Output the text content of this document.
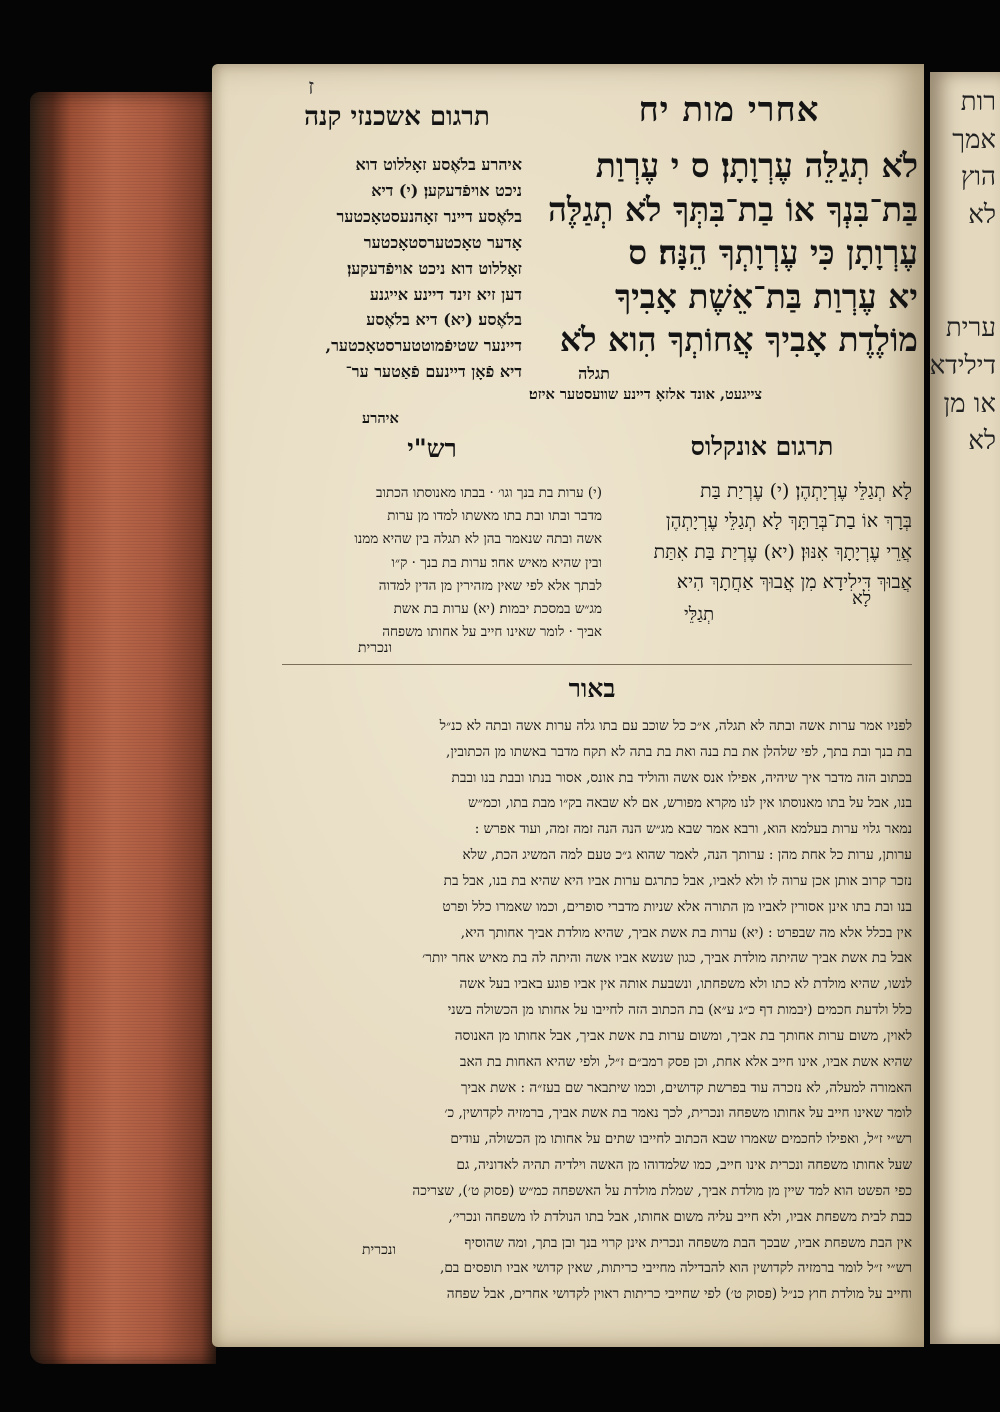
רות
אמך
הוץ
לא

ערית
דילידא
או מן
לא
ז
אחרי מות יח
תרגום אשכנזי קנה
לֹא תְגַלֵּה עֶרְוָתָן׃ ס י עֶרְוַת
בַּת־בִּנְךָ אוֹ בַת־בִּתְּךָ לֹא תְגַלֶּה
עֶרְוָתָן כִּי עֶרְוָתְךָ הֵנָּה׃ ס
יא עֶרְוַת בַּת־אֵשֶׁת אָבִיךָ
מוֹלֶדֶת אָבִיךָ אֲחוֹתְךָ הִוא לֹא
תגלה
איהרע בלֹאֶסע זאָללוט דוא
ניכט אויפֿדעקען׃ (י) דיא
בלֹאֶסע דיינר זאָהנעסטאָכטער
אָדער טאָכטערסטאָכטער
זאָללוט דוא ניכט אויפֿדעקען׃
דען זיא זינד דיינע אייגנע
בלֹאֶסע׃ (יא) דיא בלֹאֶסע
דיינער שטיפֿמוטטערסטאָכטער,
דיא פֿאָן דיינעם פֿאַטער ער־
צייגעט, אונד אלזאָ דיינע שוועסטער איזט׃
איהרע
תרגום אונקלוס
רש"י
לָא תְגַלֵּי עֶרְיָתְהֶן׃ (י) עֶרְיַת בַּת
בְּרָךְ אוֹ בַת־בְּרַתָּךְ לָא תְגַלֵּי עֶרְיָתְהֶן
אֲרֵי עֶרְיָתָךְ אִנּוּן׃ (יא) עֶרְיַת בַּת אִתַּת
אֲבוּךְ דִּילִידָא מִן אֲבוּךְ אַחֲתָךְ הִיא
לָא
תְגַלֵּי
(י) ערות בת בנך וגו׳ · בבתו מאנוסתו הכתוב
מדבר ובתו ובת בתו מאשתו למדו מן ערות
אשה ובתה שנאמר בהן לא תגלה בין שהיא ממנו
ובין שהיא מאיש אחר׃ ערות בת בנך · ק״ו
לבתך אלא לפי שאין מזהירין מן הדין למדוה
מג״ש במסכת יבמות׃ (יא) ערות בת אשת
אביך · לומר שאינו חייב על אחותו משפחה
ונכרית
באור
לפניו אמר ערות אשה ובתה לא תגלה, א״כ כל שוכב עם בתו גלה ערות אשה ובתה לא כנ״ל
בת בנך ובת בתך, לפי שלהלן את בת בנה ואת בת בתה לא תקח מדבר באשתו מן הכתובין,
בכתוב הזה מדבר איך שיהיה, אפילו אנס אשה והוליד בת אונס, אסור בנתו ובבת בנו ובבת
בנו, אבל על בתו מאנוסתו אין לנו מקרא מפורש, אם לא שבאה בק״ו מבת בתו, וכמ״ש
נמאר גלוי ערות בעלמא הוא, ורבא אמר שבא מג״ש הנה הנה זמה זמה, ועוד אפרש :
ערותן, ערות כל אחת מהן : ערותך הנה, לאמר שהוא ג״כ טעם למה המשיג הכת, שלא
נזכר קרוב אותן אכן ערוה לו ולא לאביו, אבל כתרגם ערות אביו היא שהיא בת בנו, אבל בת
בנו ובת בתו אינן אסורין לאביו מן התורה אלא שניות מדברי סופרים, וכמו שאמרו כלל ופרט
אין בכלל אלא מה שבפרט : (יא) ערות בת אשת אביך, שהיא מולדת אביך אחותך היא,
אבל בת אשת אביך שהיתה מולדת אביך, כגון שנשא אביו אשה והיתה לה בת מאיש אחר יותר׳
לנשו, שהיא מולדת לא כתו ולא משפחתו, ונשבעת אותה אין אביו פוגע באביו בעל אשה
כלל ולדעת חכמים (יבמות דף כ״ג ע״א) בת הכתוב הזה לחייבו על אחותו מן הכשולה בשני
לאוין, משום ערות אחותך בת אביך, ומשום ערות בת אשת אביך, אבל אחותו מן האנוסה
שהיא אשת אביו, אינו חייב אלא אחת, וכן פסק רמב״ם ז״ל, ולפי שהיא האחות בת האב
האמורה למעלה, לא נזכרה עוד בפרשת קדושים, וכמו שיתבאר שם בעז״ה : אשת אביך
לומר שאינו חייב על אחותו משפחה ונכרית, לכך נאמר בת אשת אביך, ברמזיה לקדושין, כ׳
רש״י ז״ל, ואפילו לחכמים שאמרו שבא הכתוב לחייבו שתים על אחותו מן הכשולה, עודים
שעל אחותו משפחה ונכרית אינו חייב, כמו שלמדוהו מן האשה וילדיה תהיה לאדוניה, גם
כפי הפשט הוא למד שיין מן מולדת אביך, שמלת מולדת על האשפחה כמ״ש (פסוק ט׳), שצריכה
כבת לבית משפחת אביו, ולא חייב עליה משום אחותו, אבל בתו הנולדת לו משפחה ונכרי׳,
אין הבת משפחת אביו, שבכך הבת משפחה ונכרית אינן קרוי בנך ובן בתך, ומה שהוסיף
רש״י ז״ל לומר ברמזיה לקדושין הוא להבדילה מחייבי כריתות, שאין קדושי אביו תופסים בם,
וחייב על מולדת חוץ כנ״ל (פסוק ט׳) לפי שחייבי כריתות ראוין לקדושי אחרים, אבל שפחה
ונכרית
